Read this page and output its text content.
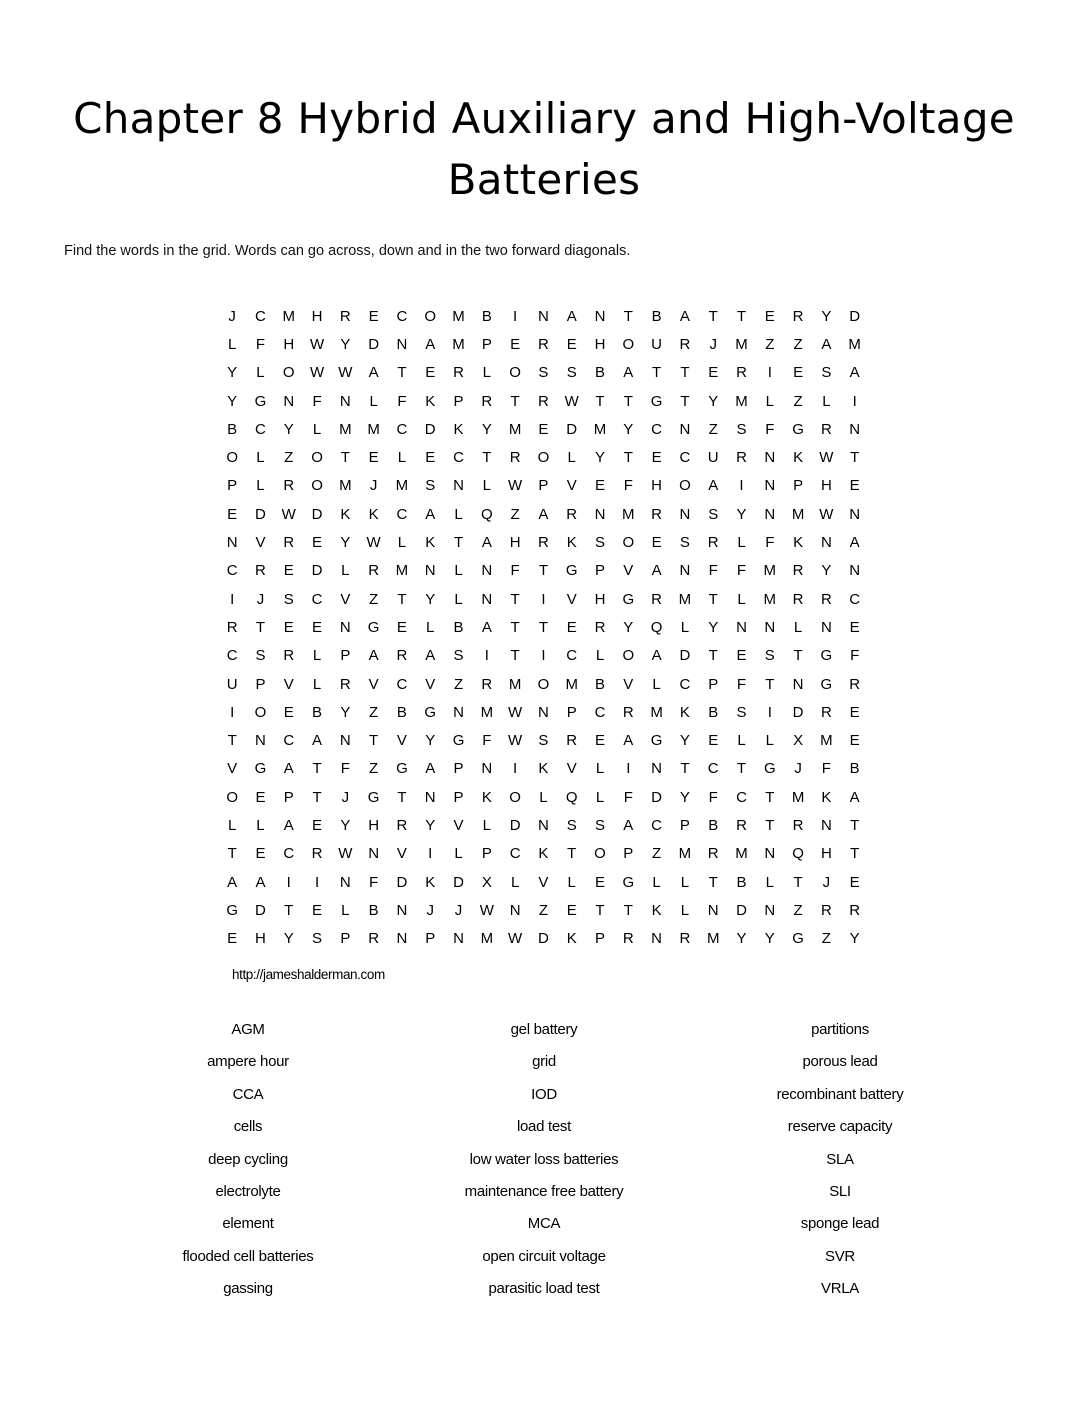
Chapter 8 Hybrid Auxiliary and High-Voltage Batteries
Find the words in the grid. Words can go across, down and in the two forward diagonals.
J	C	M	H	R	E	C	O	M	B	I	N	A	N	T	B	A	T	T	E	R	Y	D
L	F	H	W	Y	D	N	A	M	P	E	R	E	H	O	U	R	J	M	Z	Z	A	M
Y	L	O	W W	A	T	E	R	L	O	S	S	B	A	T	T	E	R	I	E	S	A
Y	G	N	F	N	L	F	K	P	R	T	R	W	T	T	G	T	Y	M	L	Z	L	I
B	C	Y	L	M	M	C	D	K	Y	M	E	D	M	Y	C	N	Z	S	F	G	R	N
O	L	Z	O	T	E	L	E	C	T	R	O	L	Y	T	E	C	U	R	N	K	W	T
P	L	R	O	M	J	M	S	N	L	W	P	V	E	F	H	O	A	I	N	P	H	E
E	D	W	D	K	K	C	A	L	Q	Z	A	R	N	M	R	N	S	Y	N	M W	N
N	V	R	E	Y	W	L	K	T	A	H	R	K	S	O	E	S	R	L	F	K	N	A
C	R	E	D	L	R	M	N	L	N	F	T	G	P	V	A	N	F	F	M	R	Y	N
I	J	S	C	V	Z	T	Y	L	N	T	I	V	H	G	R	M	T	L	M	R	R	C
R	T	E	E	N	G	E	L	B	A	T	T	E	R	Y	Q	L	Y	N	N	L	N	E
C	S	R	L	P	A	R	A	S	I	T	I	C	L	O	A	D	T	E	S	T	G	F
U	P	V	L	R	V	C	V	Z	R	M	O	M	B	V	L	C	P	F	T	N	G	R
I	O	E	B	Y	Z	B	G	N	M W	N	P	C	R	M	K	B	S	I	D	R	E
T	N	C	A	N	T	V	Y	G	F	W	S	R	E	A	G	Y	E	L	L	X	M	E
V	G	A	T	F	Z	G	A	P	N	I	K	V	L	I	N	T	C	T	G	J	F	B
O	E	P	T	J	G	T	N	P	K	O	L	Q	L	F	D	Y	F	C	T	M	K	A
L	L	A	E	Y	H	R	Y	V	L	D	N	S	S	A	C	P	B	R	T	R	N	T
T	E	C	R	W	N	V	I	L	P	C	K	T	O	P	Z	M	R	M	N	Q	H	T
A	A	I	I	N	F	D	K	D	X	L	V	L	E	G	L	L	T	B	L	T	J	E
G	D	T	E	L	B	N	J	J	W	N	Z	E	T	T	K	L	N	D	N	Z	R	R
E	H	Y	S	P	R	N	P	N	M W	D	K	P	R	N	R	M	Y	Y	G	Z	Y
http://jameshalderman.com
AGM	gel battery	partitions
ampere hour	grid	porous lead
CCA	IOD	recombinant battery
cells	load test	reserve capacity
deep cycling	low water loss batteries	SLA
electrolyte	maintenance free battery	SLI
element	MCA	sponge lead
flooded cell batteries	open circuit voltage	SVR
gassing	parasitic load test	VRLA
